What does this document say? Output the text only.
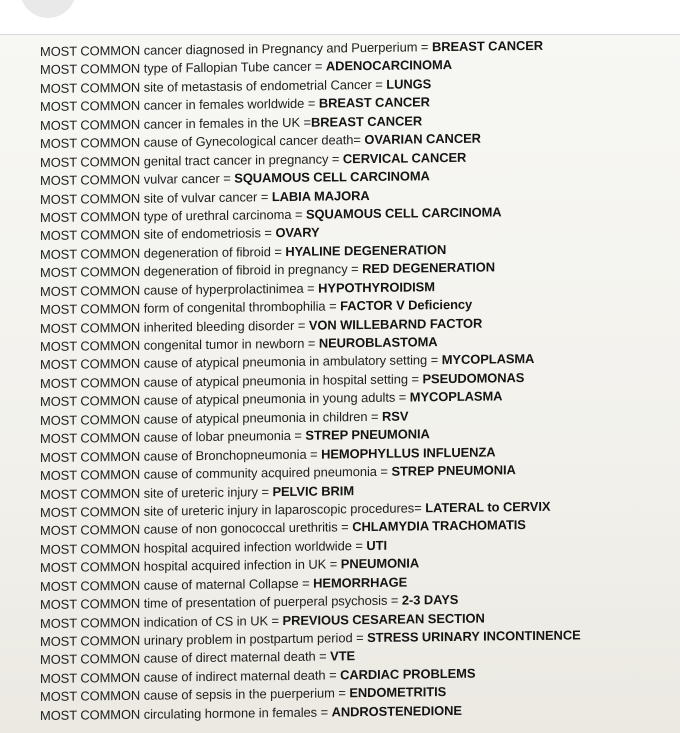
MOST COMMON cancer diagnosed in Pregnancy and Puerperium = BREAST CANCER
MOST COMMON type of Fallopian Tube cancer = ADENOCARCINOMA
MOST COMMON site of metastasis of endometrial Cancer = LUNGS
MOST COMMON cancer in females worldwide = BREAST CANCER
MOST COMMON cancer in females in the UK =BREAST CANCER
MOST COMMON cause of Gynecological cancer death= OVARIAN CANCER
MOST COMMON genital tract cancer in pregnancy = CERVICAL CANCER
MOST COMMON vulvar cancer = SQUAMOUS CELL CARCINOMA
MOST COMMON site of vulvar cancer = LABIA MAJORA
MOST COMMON type of urethral carcinoma = SQUAMOUS CELL CARCINOMA
MOST COMMON site of endometriosis = OVARY
MOST COMMON degeneration of fibroid = HYALINE DEGENERATION
MOST COMMON degeneration of fibroid in pregnancy = RED DEGENERATION
MOST COMMON cause of hyperprolactinimea = HYPOTHYROIDISM
MOST COMMON form of congenital thrombophilia = FACTOR V Deficiency
MOST COMMON inherited bleeding disorder = VON WILLEBARND FACTOR
MOST COMMON congenital tumor in newborn = NEUROBLASTOMA
MOST COMMON cause of atypical pneumonia in ambulatory setting = MYCOPLASMA
MOST COMMON cause of atypical pneumonia in hospital setting = PSEUDOMONAS
MOST COMMON cause of atypical pneumonia in young adults = MYCOPLASMA
MOST COMMON cause of atypical pneumonia in children = RSV
MOST COMMON cause of lobar pneumonia = STREP PNEUMONIA
MOST COMMON cause of Bronchopneumonia = HEMOPHYLLUS INFLUENZA
MOST COMMON cause of community acquired pneumonia = STREP PNEUMONIA
MOST COMMON site of ureteric injury = PELVIC BRIM
MOST COMMON site of ureteric injury in laparoscopic procedures= LATERAL to CERVIX
MOST COMMON cause of non gonococcal urethritis = CHLAMYDIA TRACHOMATIS
MOST COMMON hospital acquired infection worldwide = UTI
MOST COMMON hospital acquired infection in UK = PNEUMONIA
MOST COMMON cause of maternal Collapse = HEMORRHAGE
MOST COMMON time of presentation of puerperal psychosis = 2-3 DAYS
MOST COMMON indication of CS in UK = PREVIOUS CESAREAN SECTION
MOST COMMON urinary problem in postpartum period = STRESS URINARY INCONTINENCE
MOST COMMON cause of direct maternal death = VTE
MOST COMMON cause of indirect maternal death = CARDIAC PROBLEMS
MOST COMMON cause of sepsis in the puerperium = ENDOMETRITIS
MOST COMMON circulating hormone in females = ANDROSTENEDIONE
